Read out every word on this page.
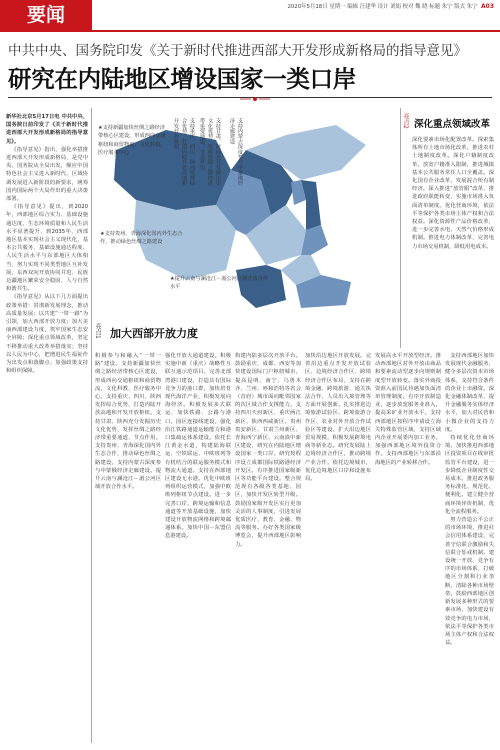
要闻	2020年5月18日 星期一 编辑 汪建华 设计 刘娟 校对 魏 晓 标题 朱宁 版式 朱宁 A03
中共中央、国务院印发《关于新时代推进西部大开发形成新格局的指导意见》
研究在内陆地区增设国家一类口岸

新华社北京5月17日电 中共中央、国务院日前印发了《关于新时代推进西部大开发形成新格局的指导意见》。

《指导意见》指出，强化举措推进西部大开发形成新格局，是党中央、国务院从全局出发，顺应中国特色社会主义进入新时代、区域协调发展进入新阶段的新要求，统筹国内国际两个大局作出的重大决策部署。

《指导意见》提出，到2020年，西部地区综合实力、基础设施通达度、生态环境质量和人民生活水平显著提升，到2035年，西部地区基本实现社会主义现代化，基本公共服务、基础设施通达程度、人民生活水平与东部地区大体相当，努力实现不同类型地区互补发展、东西双向开放协同并进、民族边疆地区繁荣安全稳固、人与自然和谐共生。

《指导意见》从以下几方面提出政策举措：贯彻新发展理念，推动高质量发展；以共建“一带一路”为引领，加大西部开放力度；加大美丽西部建设力度，筑牢国家生态安全屏障；深化重点领域改革，坚定不移推动重大改革举措落实；坚持以人民为中心，把增进民生福祉作为出发点和落脚点；加强政策支持和组织保障。

★支持新疆加快丝绸之路经济带核心区建设，形成西向交通枢纽和商贸物流、文化科教、医疗服务中心	支持重庆、四川、陕西发挥综合优势，打造内陆开放高地和开发开放枢纽	支持甘肃、陕西充分发掘历史文化优势，发挥丝绸之路经济带重要通道、节点作用	支持内蒙古深度参与中蒙俄经济走廊建设
★支持贵州、青海深化国内外生态合作，推动绿色丝绸之路建设
★提升云南与澜沧江－湄公河区域开放合作水平
亮点1 加大西部开放力度
积极参与和融入“一带一路”建设。支持新疆加快丝绸之路经济带核心区建设，形成西向交通枢纽和商贸物流、文化科教、医疗服务中心。支持重庆、四川、陕西发挥综合优势，打造内陆开放高地和开发开放枢纽。支持甘肃、陕西充分发掘历史文化优势，发挥丝绸之路经济带重要通道、节点作用。支持贵州、青海深化国内外生态合作，推动绿色丝绸之路建设。支持内蒙古深度参与中蒙俄经济走廊建设。提升云南与澜沧江－湄公河区域开放合作水平。
强化开放大通道建设。积极实施中新（重庆）战略性互联互通示范项目。完善北部湾港口建设，打造具有国际竞争力的港口群，加快培育现代海洋产业，积极发展向海经济。积极发展多式联运，加快铁路、公路与港口、园区连接线建设。强化沿江铁路通道运输能力和港口集疏运体系建设。依托长江黄金水道，构建陆海联运、空铁联运、中欧班列等有机结合的联运服务模式和物流大通道。支持在西部地区建设无水港。优化中欧班列组织运营模式，加强中欧班列枢纽节点建设。进一步完善口岸、跨境运输和信息通道等开放基础设施，加快建设开放物流网络和跨境邮递体系。加快中国－东盟信息港建设。
构建内陆多层次开放平台。鼓励重庆、成都、西安等加快建设国际门户枢纽城市，提高昆明、南宁、乌鲁木齐、兰州、呼和浩特等省会（首府）城市面向毗邻国家的次区域合作支撑能力。支持四川天府新区、重庆两江新区、陕西西咸新区、贵州贵安新区、甘肃兰州新区、青海西宁新区、云南滇中新区建设，研究在内陆地区增设国家一类口岸。研究按程序设立成都国际铁路港经济开发区。有序推进国家级新区等功能平台建设。整合规范现有各级各类基地、园区，加快开发区转型升级。鼓励国家级开发区实行更加灵活的人事制度，引进发展优质医疗、教育、金融、物流等服务。办好各类国家级博览会，提升西部地区影响力。
加快沿边地区开放发展。完善沿边重点开发开放试验区、边境经济合作区、跨境经济合作区布局，支持在跨境金融、跨境旅游、通关执法合作、人员出入境管理等方面开展创新。扎实推进边境旅游试验区、跨境旅游合作区、农业对外开放合作试验区等建设。扩大沿边地区贸易规模，积极发展跨境电商等新业态。研究发展陆上边境经济合作区，推动跨境产业合作。依托边境城市，优化边境地区口岸和设施布局。
发展高水平开放型经济。推动西部地区对外开放由商品和要素流动型逐步向规则制度型开放转变。落实外商投资准入前国民待遇加负面清单管理制度，有序开放制造业，逐步放宽服务业准入，提高采矿业开放水平。支持西部地区按程序申请设立海关特殊监管区域，支持区域内企业开展委内加工业务。加强西部地区境外投资合作。支持西部地区与东部沿海地区的产业转移合作。
亮点2 深化重点领域改革
深化要素市场化配置改革。探索集体所有土地市场化改革，推进农村土地制度改革。深化户籍制度改革，放宽户籍准入限制，推进城镇基本公共服务常住人口全覆盖。深化国有企业改革，发展混合所有制经济。深入推进“放管服”改革，推进政府职能转变，实施市场准入负面清单制度。优化营商环境，依法平等保护各类市场主体产权和合法权益。深化资源性产品价格改革，进一步完善水电、天然气价格形成机制。推进电力体制改革，完善电力市场交易机制，降低用电成本。

支持西部地区加快发展现代金融服务，健全多层次资本市场体系，支持符合条件的企业上市融资。深化金融体制改革，提升金融服务实体经济水平，加大对民营和小微企业的支持力度。

持续优化营商环境。加快推进西部地区投资项目在线审批监管平台建设，进一步降低企业制度性交易成本。推进政务服务标准化、规范化、便利化。建立健全营商环境评价机制，优化全流程服务。

努力营造公平公正的市场环境，推进社会信用体系建设，完善守信联合激励和失信联合惩戒机制。建设统一开放、竞争有序的市场体系，打破地区分割和行业垄断，清除各种市场壁垒。鼓励西部地区创新发展多种形式的要素市场，加快建设有效竞争的电力市场，依法平等保护各类市场主体产权和合法权益。
